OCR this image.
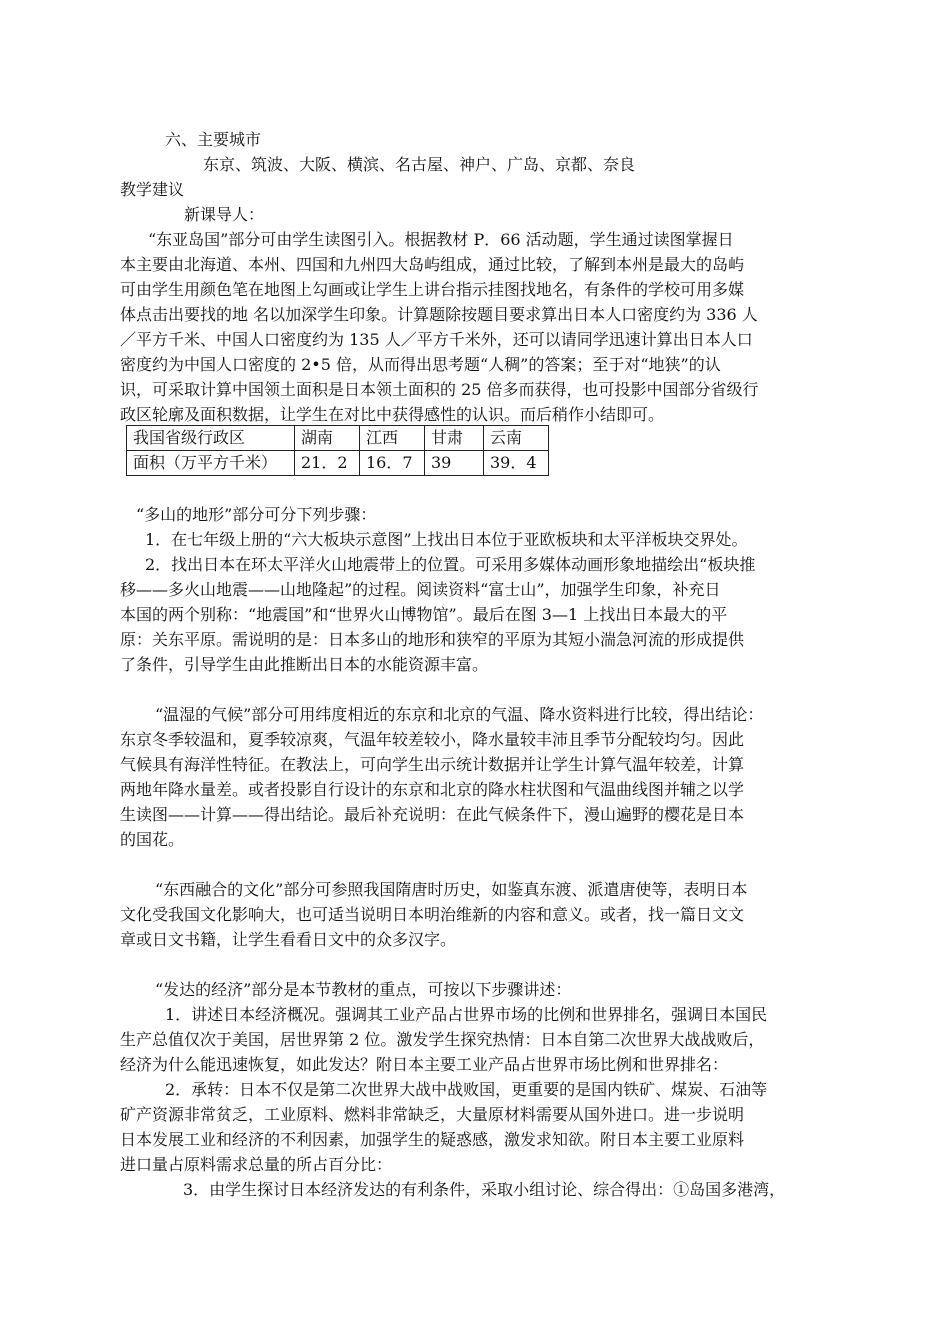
六、主要城市
东京、筑波、大阪、横滨、名古屋、神户、广岛、京都、奈良
教学建议
新课导人：
“东亚岛国”部分可由学生读图引入。根据教材 P．66 活动题，学生通过读图掌握日
本主要由北海道、本州、四国和九州四大岛屿组成，通过比较，了解到本州是最大的岛屿
可由学生用颜色笔在地图上勾画或让学生上讲台指示挂图找地名，有条件的学校可用多媒
体点击出要找的地 名以加深学生印象。计算题除按题目要求算出日本人口密度约为 336 人
／平方千米、中国人口密度约为 135 人／平方千米外，还可以请同学迅速计算出日本人口
密度约为中国人口密度的 2•5 倍，从而得出思考题“人稠”的答案；至于对“地狭”的认
识，可采取计算中国领土面积是日本领土面积的 25 倍多而获得，也可投影中国部分省级行
政区轮廓及面积数据，让学生在对比中获得感性的认识。而后稍作小结即可。
我国省级行政区	湖南	江西	甘肃	云南
面积（万平方千米）	21．2	16．7	39	39．4
“多山的地形”部分可分下列步骤：
1．在七年级上册的“六大板块示意图”上找出日本位于亚欧板块和太平洋板块交界处。
2．找出日本在环太平洋火山地震带上的位置。可采用多媒体动画形象地描绘出“板块推
移——多火山地震——山地隆起”的过程。阅读资料“富士山”，加强学生印象，补充日
本国的两个别称：“地震国”和“世界火山博物馆”。最后在图 3—1 上找出日本最大的平
原：关东平原。需说明的是：日本多山的地形和狭窄的平原为其短小湍急河流的形成提供
了条件，引导学生由此推断出日本的水能资源丰富。
“温湿的气候”部分可用纬度相近的东京和北京的气温、降水资料进行比较，得出结论：
东京冬季较温和，夏季较凉爽，气温年较差较小，降水量较丰沛且季节分配较均匀。因此
气候具有海洋性特征。在教法上，可向学生出示统计数据并让学生计算气温年较差，计算
两地年降水量差。或者投影自行设计的东京和北京的降水柱状图和气温曲线图并辅之以学
生读图——计算——得出结论。最后补充说明：在此气候条件下，漫山遍野的樱花是日本
的国花。
“东西融合的文化”部分可参照我国隋唐时历史，如鉴真东渡、派遣唐使等，表明日本
文化受我国文化影响大，也可适当说明日本明治维新的内容和意义。或者，找一篇日文文
章或日文书籍，让学生看看日文中的众多汉字。
“发达的经济”部分是本节教材的重点，可按以下步骤讲述：
1．讲述日本经济概况。强调其工业产品占世界市场的比例和世界排名，强调日本国民
生产总值仅次于美国，居世界第 2 位。激发学生探究热情：日本自第二次世界大战战败后，
经济为什么能迅速恢复，如此发达？附日本主要工业产品占世界市场比例和世界排名：
2．承转：日本不仅是第二次世界大战中战败国，更重要的是国内铁矿、煤炭、石油等
矿产资源非常贫乏，工业原料、燃料非常缺乏，大量原材料需要从国外进口。进一步说明
日本发展工业和经济的不利因素，加强学生的疑惑感，激发求知欲。附日本主要工业原料
进口量占原料需求总量的所占百分比：
3．由学生探讨日本经济发达的有利条件，采取小组讨论、综合得出：①岛国多港湾，
